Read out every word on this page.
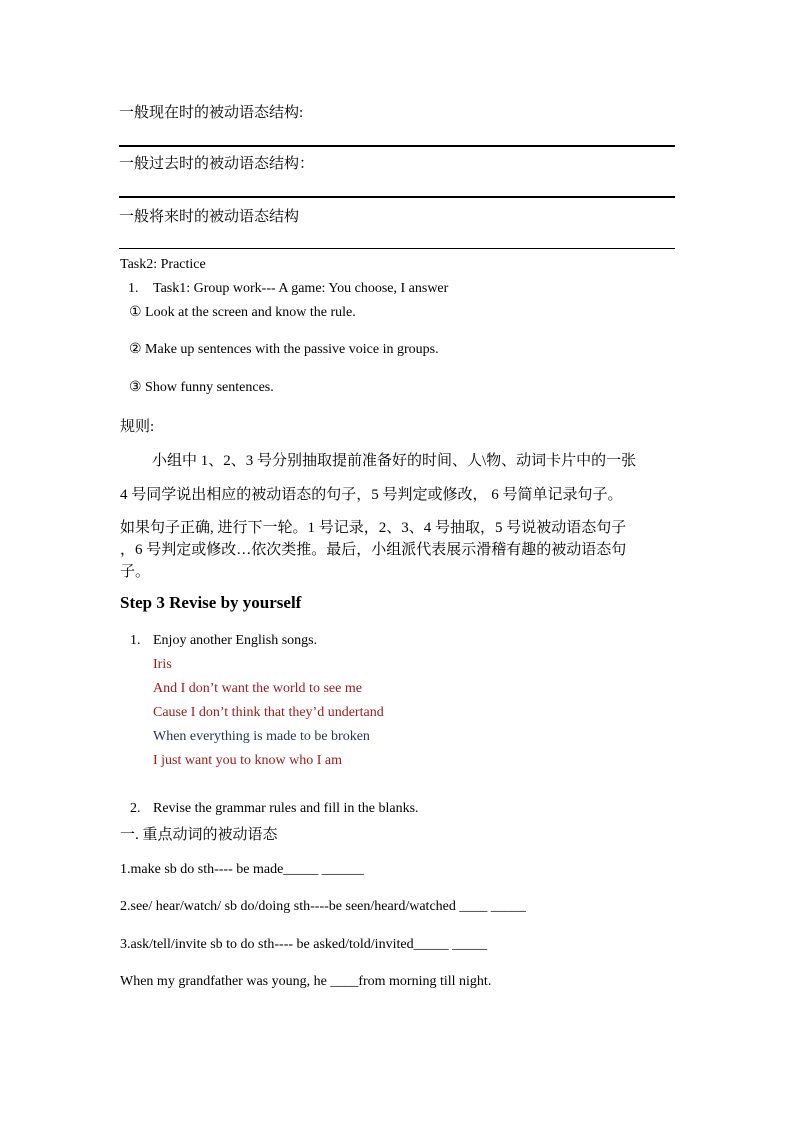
一般现在时的被动语态结构:
一般过去时的被动语态结构：
一般将来时的被动语态结构
Task2: Practice
1. Task1: Group work--- A game: You choose, I answer
① Look at the screen and know the rule.
② Make up sentences with the passive voice in groups.
③ Show funny sentences.
规则:
小组中 1、2、3 号分别抽取提前准备好的时间、人\物、动词卡片中的一张
4 号同学说出相应的被动语态的句子，5 号判定或修改， 6 号简单记录句子。
如果句子正确, 进行下一轮。1 号记录，2、3、4 号抽取，5 号说被动语态句子
，6 号判定或修改…依次类推。最后，小组派代表展示滑稽有趣的被动语态句
子。
Step 3 Revise by yourself
1. Enjoy another English songs.
Iris
And I don’t want the world to see me
Cause I don’t think that they’d undertand
When everything is made to be broken
I just want you to know who I am
2. Revise the grammar rules and fill in the blanks.
一. 重点动词的被动语态
1.make sb do sth---- be made_____ ______
2.see/ hear/watch/ sb do/doing sth----be seen/heard/watched ____ _____
3.ask/tell/invite sb to do sth---- be asked/told/invited_____ _____
When my grandfather was young, he ____from morning till night.
